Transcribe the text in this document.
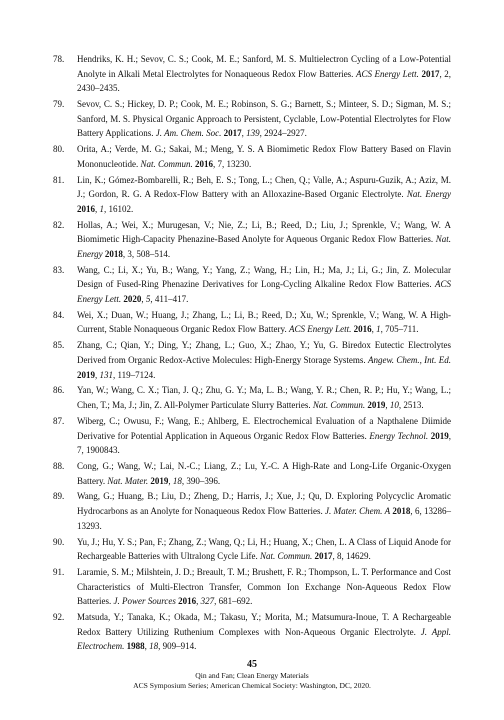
78.	Hendriks, K. H.; Sevov, C. S.; Cook, M. E.; Sanford, M. S. Multielectron Cycling of a Low-Potential Anolyte in Alkali Metal Electrolytes for Nonaqueous Redox Flow Batteries. ACS Energy Lett. 2017, 2, 2430–2435.
79.	Sevov, C. S.; Hickey, D. P.; Cook, M. E.; Robinson, S. G.; Barnett, S.; Minteer, S. D.; Sigman, M. S.; Sanford, M. S. Physical Organic Approach to Persistent, Cyclable, Low-Potential Electrolytes for Flow Battery Applications. J. Am. Chem. Soc. 2017, 139, 2924–2927.
80.	Orita, A.; Verde, M. G.; Sakai, M.; Meng, Y. S. A Biomimetic Redox Flow Battery Based on Flavin Mononucleotide. Nat. Commun. 2016, 7, 13230.
81.	Lin, K.; Gómez-Bombarelli, R.; Beh, E. S.; Tong, L.; Chen, Q.; Valle, A.; Aspuru-Guzik, A.; Aziz, M. J.; Gordon, R. G. A Redox-Flow Battery with an Alloxazine-Based Organic Electrolyte. Nat. Energy 2016, 1, 16102.
82.	Hollas, A.; Wei, X.; Murugesan, V.; Nie, Z.; Li, B.; Reed, D.; Liu, J.; Sprenkle, V.; Wang, W. A Biomimetic High-Capacity Phenazine-Based Anolyte for Aqueous Organic Redox Flow Batteries. Nat. Energy 2018, 3, 508–514.
83.	Wang, C.; Li, X.; Yu, B.; Wang, Y.; Yang, Z.; Wang, H.; Lin, H.; Ma, J.; Li, G.; Jin, Z. Molecular Design of Fused-Ring Phenazine Derivatives for Long-Cycling Alkaline Redox Flow Batteries. ACS Energy Lett. 2020, 5, 411–417.
84.	Wei, X.; Duan, W.; Huang, J.; Zhang, L.; Li, B.; Reed, D.; Xu, W.; Sprenkle, V.; Wang, W. A High-Current, Stable Nonaqueous Organic Redox Flow Battery. ACS Energy Lett. 2016, 1, 705–711.
85.	Zhang, C.; Qian, Y.; Ding, Y.; Zhang, L.; Guo, X.; Zhao, Y.; Yu, G. Biredox Eutectic Electrolytes Derived from Organic Redox-Active Molecules: High-Energy Storage Systems. Angew. Chem., Int. Ed. 2019, 131, 119–7124.
86.	Yan, W.; Wang, C. X.; Tian, J. Q.; Zhu, G. Y.; Ma, L. B.; Wang, Y. R.; Chen, R. P.; Hu, Y.; Wang, L.; Chen, T.; Ma, J.; Jin, Z. All-Polymer Particulate Slurry Batteries. Nat. Commun. 2019, 10, 2513.
87.	Wiberg, C.; Owusu, F.; Wang, E.; Ahlberg, E. Electrochemical Evaluation of a Napthalene Diimide Derivative for Potential Application in Aqueous Organic Redox Flow Batteries. Energy Technol. 2019, 7, 1900843.
88.	Cong, G.; Wang, W.; Lai, N.-C.; Liang, Z.; Lu, Y.-C. A High-Rate and Long-Life Organic-Oxygen Battery. Nat. Mater. 2019, 18, 390–396.
89.	Wang, G.; Huang, B.; Liu, D.; Zheng, D.; Harris, J.; Xue, J.; Qu, D. Exploring Polycyclic Aromatic Hydrocarbons as an Anolyte for Nonaqueous Redox Flow Batteries. J. Mater. Chem. A 2018, 6, 13286–13293.
90.	Yu, J.; Hu, Y. S.; Pan, F.; Zhang, Z.; Wang, Q.; Li, H.; Huang, X.; Chen, L. A Class of Liquid Anode for Rechargeable Batteries with Ultralong Cycle Life. Nat. Commun. 2017, 8, 14629.
91.	Laramie, S. M.; Milshtein, J. D.; Breault, T. M.; Brushett, F. R.; Thompson, L. T. Performance and Cost Characteristics of Multi-Electron Transfer, Common Ion Exchange Non-Aqueous Redox Flow Batteries. J. Power Sources 2016, 327, 681–692.
92.	Matsuda, Y.; Tanaka, K.; Okada, M.; Takasu, Y.; Morita, M.; Matsumura-Inoue, T. A Rechargeable Redox Battery Utilizing Ruthenium Complexes with Non-Aqueous Organic Electrolyte. J. Appl. Electrochem. 1988, 18, 909–914.
45
Qin and Fan; Clean Energy Materials
ACS Symposium Series; American Chemical Society: Washington, DC, 2020.
